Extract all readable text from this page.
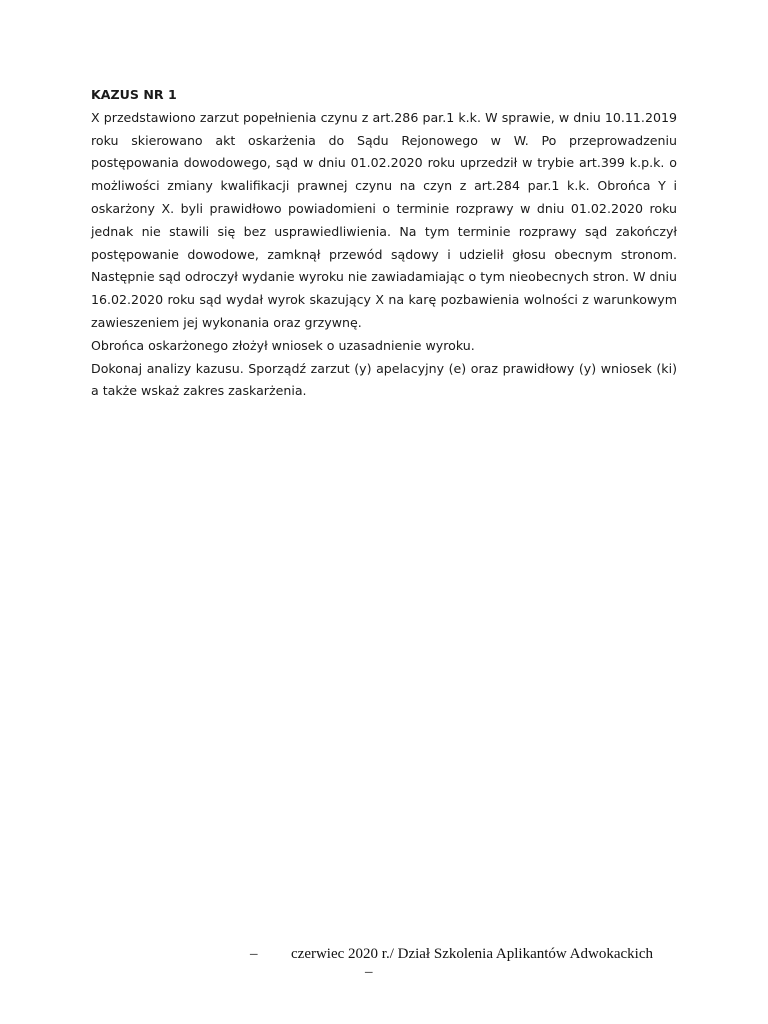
KAZUS NR 1

X przedstawiono zarzut popełnienia czynu z art.286 par.1 k.k. W sprawie, w dniu 10.11.2019 roku skierowano akt oskarżenia do Sądu Rejonowego w W. Po przeprowadzeniu postępowania dowodowego, sąd w dniu 01.02.2020 roku uprzedził w trybie art.399 k.p.k. o możliwości zmiany kwalifikacji prawnej czynu na czyn z art.284 par.1 k.k. Obrońca Y i oskarżony X. byli prawidłowo powiadomieni o terminie rozprawy w dniu 01.02.2020 roku jednak nie stawili się bez usprawiedliwienia. Na tym terminie rozprawy sąd zakończył postępowanie dowodowe, zamknął przewód sądowy i udzielił głosu obecnym stronom. Następnie sąd odroczył wydanie wyroku nie zawiadamiając o tym nieobecnych stron. W dniu 16.02.2020 roku sąd wydał wyrok skazujący X na karę pozbawienia wolności z warunkowym zawieszeniem jej wykonania oraz grzywnę.

Obrońca oskarżonego złożył wniosek o uzasadnienie wyroku.

Dokonaj analizy kazusu. Sporządź zarzut (y) apelacyjny (e) oraz prawidłowy (y) wniosek (ki) a także wskaż zakres zaskarżenia.

– czerwiec 2020 r./ Dział Szkolenia Aplikantów Adwokackich
–
